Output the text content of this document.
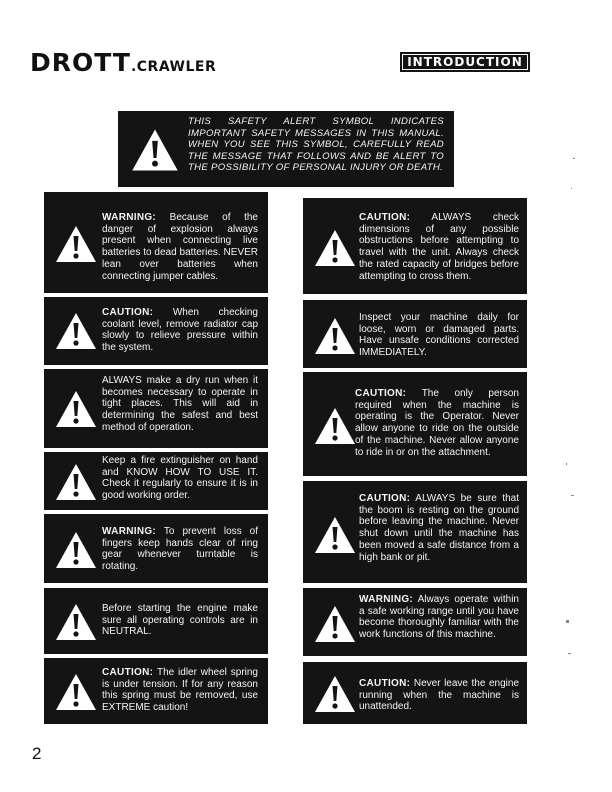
DROTT.CRAWLER	INTRODUCTION
THIS SAFETY ALERT SYMBOL INDICATES IMPORTANT SAFETY MESSAGES IN THIS MANUAL. WHEN YOU SEE THIS SYMBOL, CAREFULLY READ THE MESSAGE THAT FOLLOWS AND BE ALERT TO THE POSSIBILITY OF PERSONAL INJURY OR DEATH.
WARNING: Because of the danger of explosion always present when connecting live batteries to dead batteries. NEVER lean over batteries when connecting jumper cables.
CAUTION: When checking coolant level, remove radiator cap slowly to relieve pressure within the system.
ALWAYS make a dry run when it becomes necessary to operate in tight places. This will aid in determining the safest and best method of operation.
Keep a fire extinguisher on hand and KNOW HOW TO USE IT. Check it regularly to ensure it is in good working order.
WARNING: To prevent loss of fingers keep hands clear of ring gear whenever turntable is rotating.
Before starting the engine make sure all operating controls are in NEUTRAL.
CAUTION: The idler wheel spring is under tension. If for any reason this spring must be removed, use EXTREME caution!
CAUTION: ALWAYS check dimensions of any possible obstructions before attempting to travel with the unit. Always check the rated capacity of bridges before attempting to cross them.
Inspect your machine daily for loose, worn or damaged parts. Have unsafe conditions corrected IMMEDIATELY.
CAUTION: The only person required when the machine is operating is the Operator. Never allow anyone to ride on the outside of the machine. Never allow anyone to ride in or on the attachment.
CAUTION: ALWAYS be sure that the boom is resting on the ground before leaving the machine. Never shut down until the machine has been moved a safe distance from a high bank or pit.
WARNING: Always operate within a safe working range until you have become thoroughly familiar with the work functions of this machine.
CAUTION: Never leave the engine running when the machine is unattended.
2
